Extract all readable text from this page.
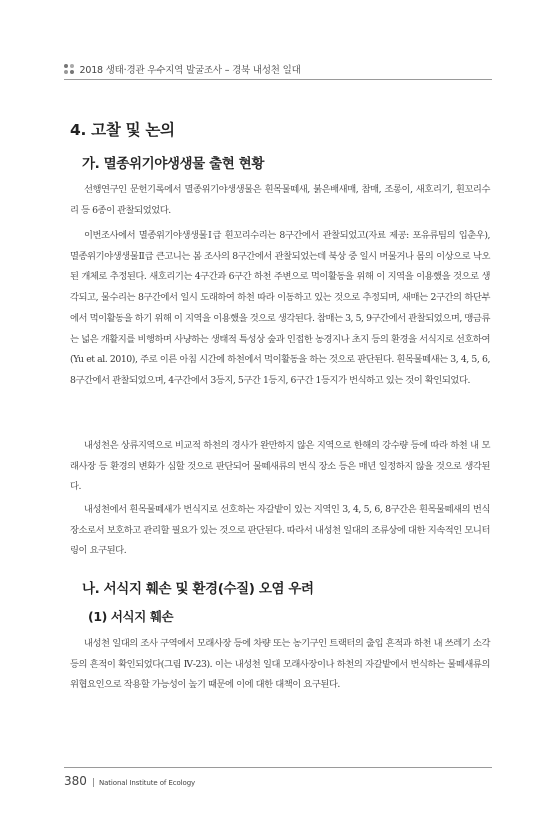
2018 생태·경관 우수지역 발굴조사 – 경북 내성천 일대
4. 고찰 및 논의
가. 멸종위기야생생물 출현 현황

선행연구인 문헌기록에서 멸종위기야생생물은 흰목물떼새, 붉은배새매, 참매, 조롱이, 새호리기, 흰꼬리수리 등 6종이 관찰되었었다.

이번조사에서 멸종위기야생생물Ⅰ급 흰꼬리수리는 8구간에서 관찰되었고(자료 제공: 포유류팀의 입춘우), 멸종위기야생생물Ⅱ급 큰고니는 봄 조사의 8구간에서 관찰되었는데 북상 중 일시 머물거나 몸의 이상으로 낙오된 개체로 추정된다. 새호리기는 4구간과 6구간 하천 주변으로 먹이활동을 위해 이 지역을 이용했을 것으로 생각되고, 물수리는 8구간에서 일시 도래하여 하천 따라 이동하고 있는 것으로 추정되며, 새매는 2구간의 하단부에서 먹이활동을 하기 위해 이 지역을 이용했을 것으로 생각된다. 참매는 3, 5, 9구간에서 관찰되었으며, 맹금류는 넓은 개활지를 비행하며 사냥하는 생태적 특성상 숲과 인접한 농경지나 초지 등의 환경을 서식지로 선호하여(Yu et al. 2010), 주로 이른 아침 시간에 하천에서 먹이활동을 하는 것으로 판단된다. 흰목물떼새는 3, 4, 5, 6, 8구간에서 관찰되었으며, 4구간에서 3등지, 5구간 1등지, 6구간 1등지가 번식하고 있는 것이 확인되었다.

내성천은 상류지역으로 비교적 하천의 경사가 완만하지 않은 지역으로 한해의 강수량 등에 따라 하천 내 모래사장 등 환경의 변화가 심할 것으로 판단되어 물떼새류의 번식 장소 등은 매년 일정하지 않을 것으로 생각된다.

내성천에서 흰목물떼새가 번식지로 선호하는 자갈밭이 있는 지역인 3, 4, 5, 6, 8구간은 흰목물떼새의 번식 장소로서 보호하고 관리할 필요가 있는 것으로 판단된다. 따라서 내성천 일대의 조류상에 대한 지속적인 모니터링이 요구된다.

나. 서식지 훼손 및 환경(수질) 오염 우려
(1) 서식지 훼손

내성천 일대의 조사 구역에서 모래사장 등에 차량 또는 농기구인 트랙터의 출입 흔적과 하천 내 쓰레기 소각 등의 흔적이 확인되었다(그림 Ⅳ-23). 이는 내성천 일대 모래사장이나 하천의 자갈밭에서 번식하는 물떼새류의 위협요인으로 작용할 가능성이 높기 때문에 이에 대한 대책이 요구된다.

380 | National Institute of Ecology
